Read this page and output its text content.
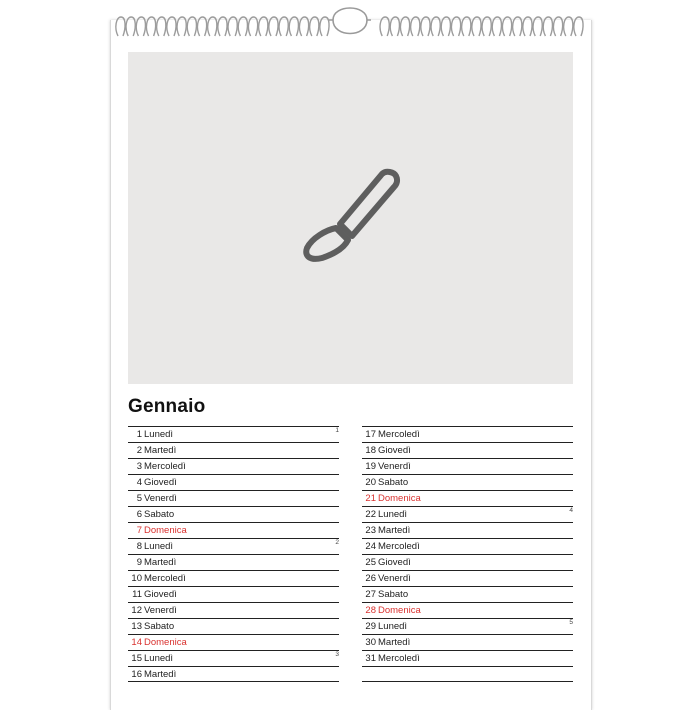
Gennaio
1 Lunedì	1
2 Martedì
3 Mercoledì
4 Giovedì
5 Venerdì
6 Sabato
7 Domenica
8 Lunedì	2
9 Martedì
10 Mercoledì
11 Giovedì
12 Venerdì
13 Sabato
14 Domenica
15 Lunedì	3
16 Martedì
17 Mercoledì
18 Giovedì
19 Venerdì
20 Sabato
21 Domenica
22 Lunedì	4
23 Martedì
24 Mercoledì
25 Giovedì
26 Venerdì
27 Sabato
28 Domenica
29 Lunedì	5
30 Martedì
31 Mercoledì
